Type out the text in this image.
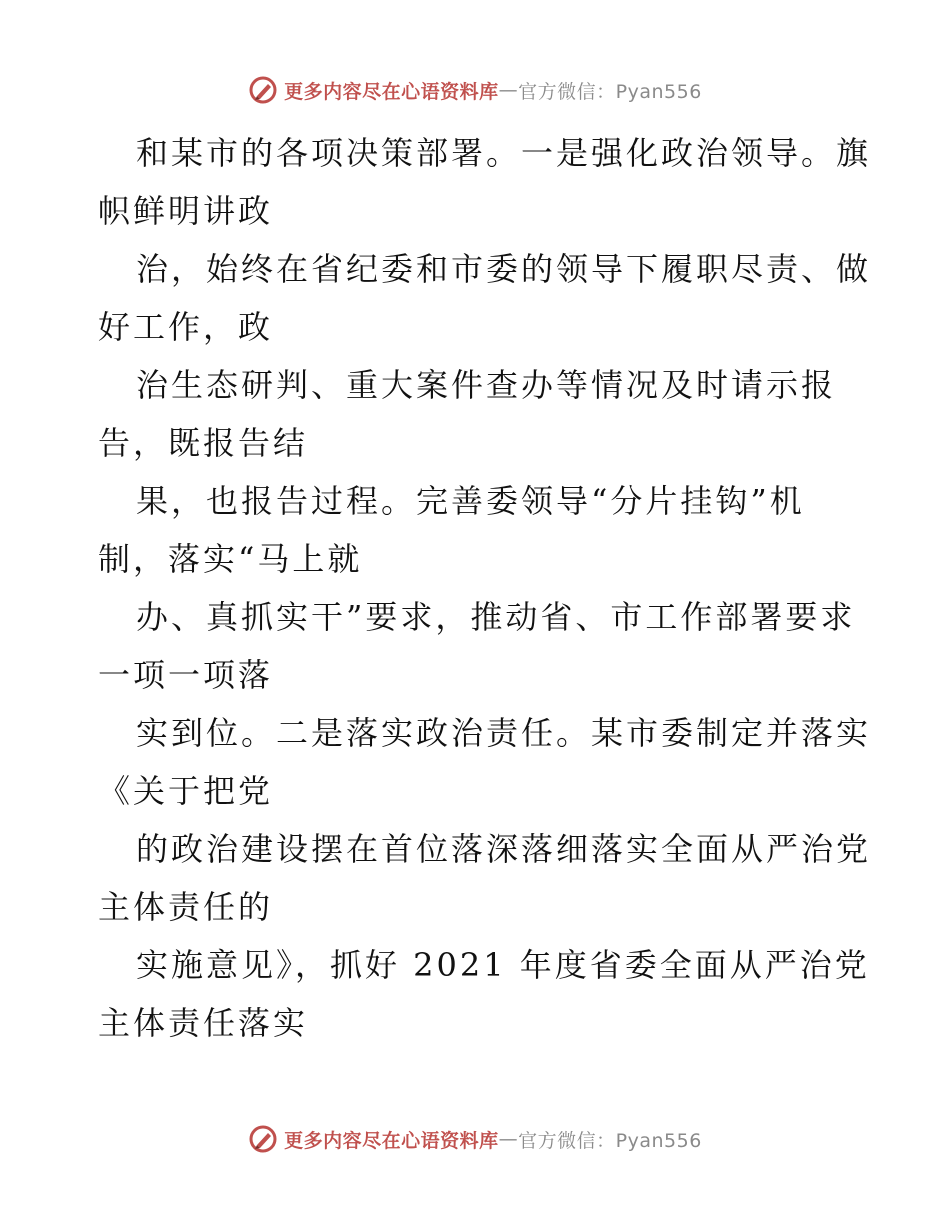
更多内容尽在心语资料库 — 官方微信：Pyan556
和某市的各项决策部署。一是强化政治领导。旗
帜鲜明讲政
治，始终在省纪委和市委的领导下履职尽责、做
好工作，政
治生态研判、重大案件查办等情况及时请示报
告，既报告结
果，也报告过程。完善委领导“分片挂钩”机
制，落实“马上就
办、真抓实干”要求，推动省、市工作部署要求
一项一项落
实到位。二是落实政治责任。某市委制定并落实
《关于把党
的政治建设摆在首位落深落细落实全面从严治党
主体责任的
实施意见》，抓好 2021 年度省委全面从严治党
主体责任落实
更多内容尽在心语资料库 — 官方微信：Pyan556
